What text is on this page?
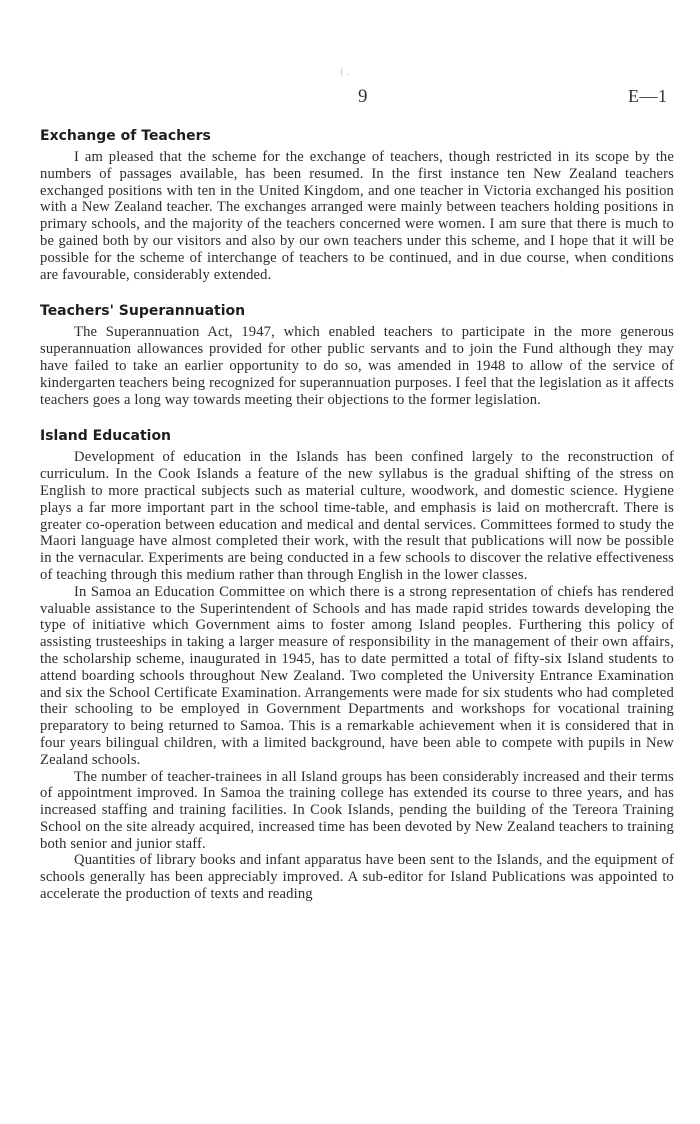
( .
9	E—1
Exchange of Teachers

I am pleased that the scheme for the exchange of teachers, though restricted in its scope by the numbers of passages available, has been resumed. In the first instance ten New Zealand teachers exchanged positions with ten in the United Kingdom, and one teacher in Victoria exchanged his position with a New Zealand teacher. The exchanges arranged were mainly between teachers holding positions in primary schools, and the majority of the teachers concerned were women. I am sure that there is much to be gained both by our visitors and also by our own teachers under this scheme, and I hope that it will be possible for the scheme of interchange of teachers to be continued, and in due course, when conditions are favourable, considerably extended.

Teachers' Superannuation

The Superannuation Act, 1947, which enabled teachers to participate in the more generous superannuation allowances provided for other public servants and to join the Fund although they may have failed to take an earlier opportunity to do so, was amended in 1948 to allow of the service of kindergarten teachers being recognized for superannuation purposes. I feel that the legislation as it affects teachers goes a long way towards meeting their objections to the former legislation.

Island Education

Development of education in the Islands has been confined largely to the reconstruction of curriculum. In the Cook Islands a feature of the new syllabus is the gradual shifting of the stress on English to more practical subjects such as material culture, woodwork, and domestic science. Hygiene plays a far more important part in the school time-table, and emphasis is laid on mothercraft. There is greater co-operation between education and medical and dental services. Committees formed to study the Maori language have almost completed their work, with the result that publications will now be possible in the vernacular. Experiments are being conducted in a few schools to discover the relative effectiveness of teaching through this medium rather than through English in the lower classes.

In Samoa an Education Committee on which there is a strong representation of chiefs has rendered valuable assistance to the Superintendent of Schools and has made rapid strides towards developing the type of initiative which Government aims to foster among Island peoples. Furthering this policy of assisting trusteeships in taking a larger measure of responsibility in the management of their own affairs, the scholarship scheme, inaugurated in 1945, has to date permitted a total of fifty-six Island students to attend boarding schools throughout New Zealand. Two completed the University Entrance Examination and six the School Certificate Examination. Arrangements were made for six students who had completed their schooling to be employed in Government Departments and workshops for vocational training preparatory to being returned to Samoa. This is a remarkable achievement when it is considered that in four years bilingual children, with a limited background, have been able to compete with pupils in New Zealand schools.

The number of teacher-trainees in all Island groups has been considerably increased and their terms of appointment improved. In Samoa the training college has extended its course to three years, and has increased staffing and training facilities. In Cook Islands, pending the building of the Tereora Training School on the site already acquired, increased time has been devoted by New Zealand teachers to training both senior and junior staff.

Quantities of library books and infant apparatus have been sent to the Islands, and the equipment of schools generally has been appreciably improved. A sub-editor for Island Publications was appointed to accelerate the production of texts and reading
